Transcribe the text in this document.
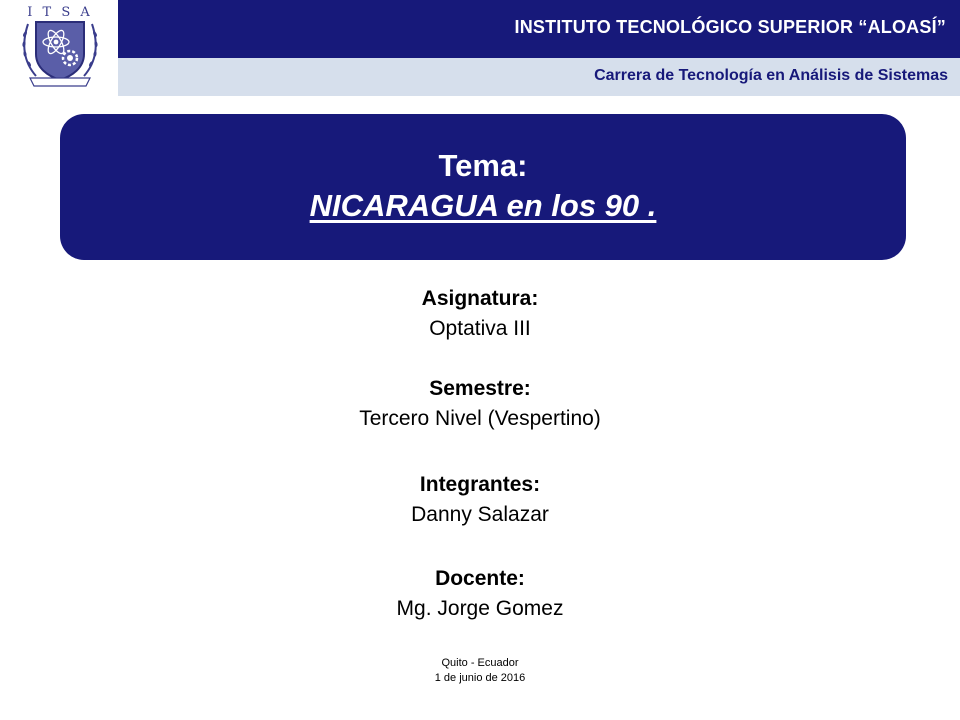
I T S A
INSTITUTO TECNOLÓGICO SUPERIOR “ALOASÍ”
Carrera de Tecnología en Análisis de Sistemas
Tema:
NICARAGUA en los 90 .
Asignatura:
Optativa III
Semestre:
Tercero Nivel (Vespertino)
Integrantes:
Danny Salazar
Docente:
Mg. Jorge Gomez
Quito - Ecuador
1 de junio de 2016
